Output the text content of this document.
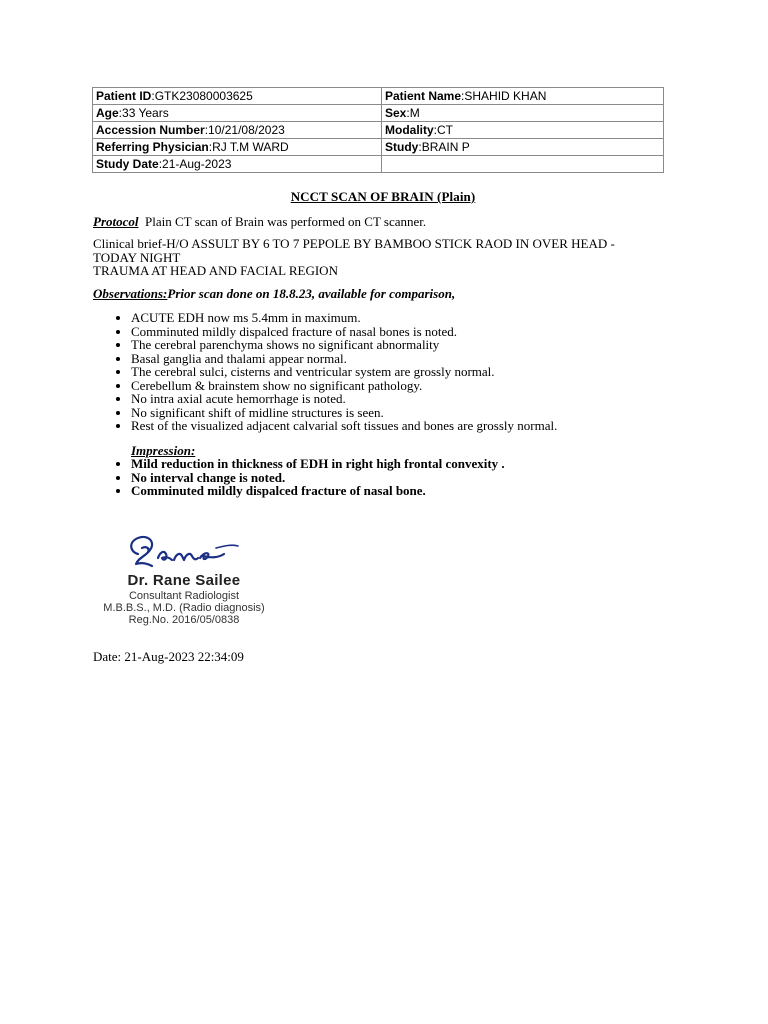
Patient ID:GTK23080003625	Patient Name:SHAHID KHAN
Age:33 Years	Sex:M
Accession Number:10/21/08/2023	Modality:CT
Referring Physician:RJ T.M WARD	Study:BRAIN P
Study Date:21-Aug-2023	
NCCT SCAN OF BRAIN (Plain)
Protocol Plain CT scan of Brain was performed on CT scanner.
Clinical brief-H/O ASSULT BY 6 TO 7 PEPOLE BY BAMBOO STICK RAOD IN OVER HEAD -
TODAY NIGHT
TRAUMA AT HEAD AND FACIAL REGION
Observations:Prior scan done on 18.8.23, available for comparison,
• ACUTE EDH now ms 5.4mm in maximum.
• Comminuted mildly dispalced fracture of nasal bones is noted.
• The cerebral parenchyma shows no significant abnormality
• Basal ganglia and thalami appear normal.
• The cerebral sulci, cisterns and ventricular system are grossly normal.
• Cerebellum & brainstem show no significant pathology.
• No intra axial acute hemorrhage is noted.
• No significant shift of midline structures is seen.
• Rest of the visualized adjacent calvarial soft tissues and bones are grossly normal.
Impression:
• Mild reduction in thickness of EDH in right high frontal convexity .
• No interval change is noted.
• Comminuted mildly dispalced fracture of nasal bone.
Dr. Rane Sailee
Consultant Radiologist
M.B.B.S., M.D. (Radio diagnosis)
Reg.No. 2016/05/0838
Date: 21-Aug-2023 22:34:09
